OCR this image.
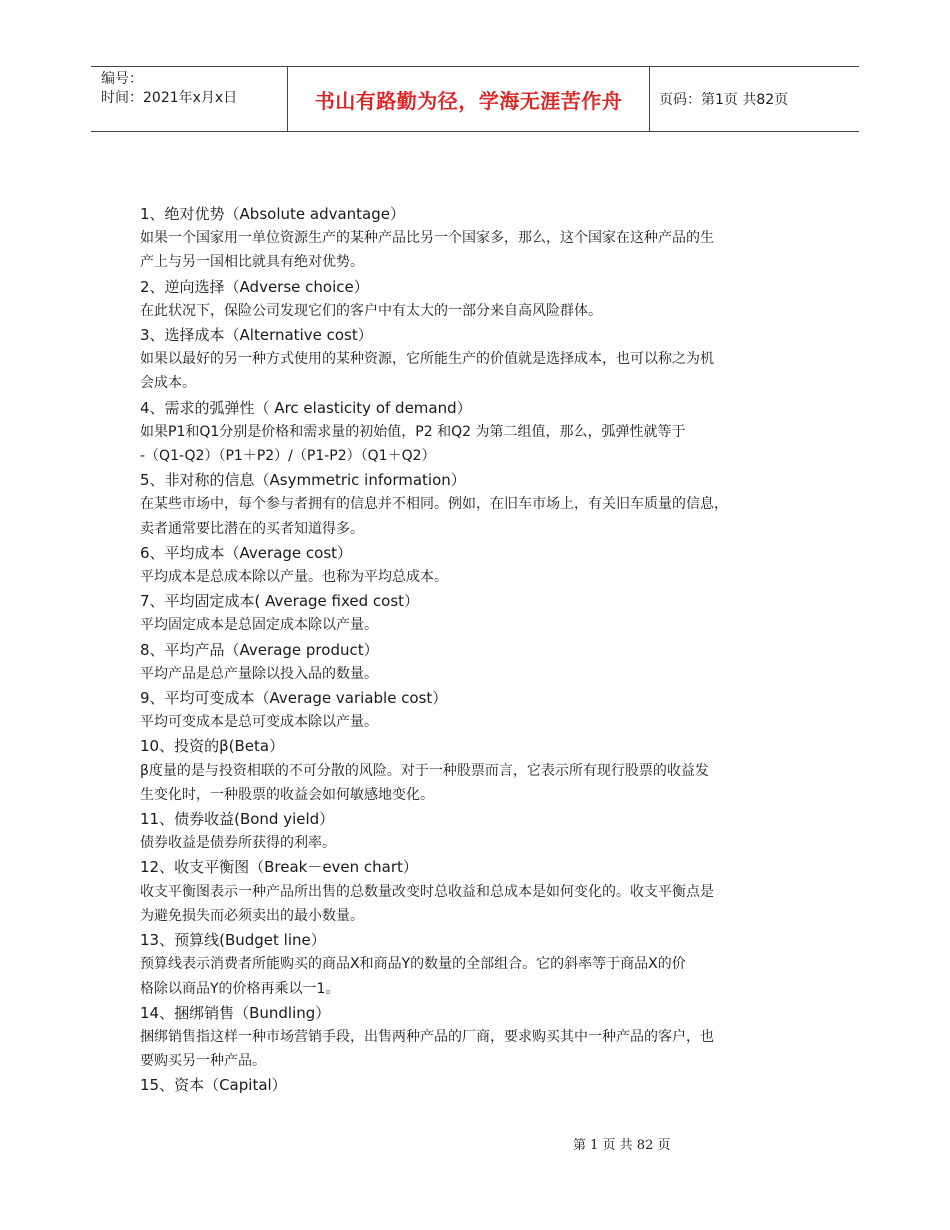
编号：
时间：2021年x月x日	书山有路勤为径，学海无涯苦作舟	页码：第1页 共82页

1、绝对优势（Absolute advantage）

如果一个国家用一单位资源生产的某种产品比另一个国家多，那么，这个国家在这种产品的生

产上与另一国相比就具有绝对优势。

2、逆向选择（Adverse choice）

在此状况下，保险公司发现它们的客户中有太大的一部分来自高风险群体。

3、选择成本（Alternative cost）

如果以最好的另一种方式使用的某种资源，它所能生产的价值就是选择成本，也可以称之为机

会成本。

4、需求的弧弹性（ Arc elasticity of demand）

如果P1和Q1分别是价格和需求量的初始值，P2 和Q2 为第二组值，那么，弧弹性就等于

-（Q1-Q2）（P1＋P2）/（P1-P2）（Q1＋Q2）

5、非对称的信息（Asymmetric information）

在某些市场中，每个参与者拥有的信息并不相同。例如，在旧车市场上，有关旧车质量的信息，

卖者通常要比潜在的买者知道得多。

6、平均成本（Average cost）

平均成本是总成本除以产量。也称为平均总成本。

7、平均固定成本( Average fixed cost）

平均固定成本是总固定成本除以产量。

8、平均产品（Average product）

平均产品是总产量除以投入品的数量。

9、平均可变成本（Average variable cost）

平均可变成本是总可变成本除以产量。

10、投资的β(Beta）

β度量的是与投资相联的不可分散的风险。对于一种股票而言，它表示所有现行股票的收益发

生变化时，一种股票的收益会如何敏感地变化。

11、债券收益(Bond yield）

债券收益是债券所获得的利率。

12、收支平衡图（Break－even chart）

收支平衡图表示一种产品所出售的总数量改变时总收益和总成本是如何变化的。收支平衡点是

为避免损失而必须卖出的最小数量。

13、预算线(Budget line）

预算线表示消费者所能购买的商品X和商品Y的数量的全部组合。它的斜率等于商品X的价

格除以商品Y的价格再乘以一1。

14、捆绑销售（Bundling）

捆绑销售指这样一种市场营销手段，出售两种产品的厂商，要求购买其中一种产品的客户，也

要购买另一种产品。

15、资本（Capital）

第 1 页 共 82 页
